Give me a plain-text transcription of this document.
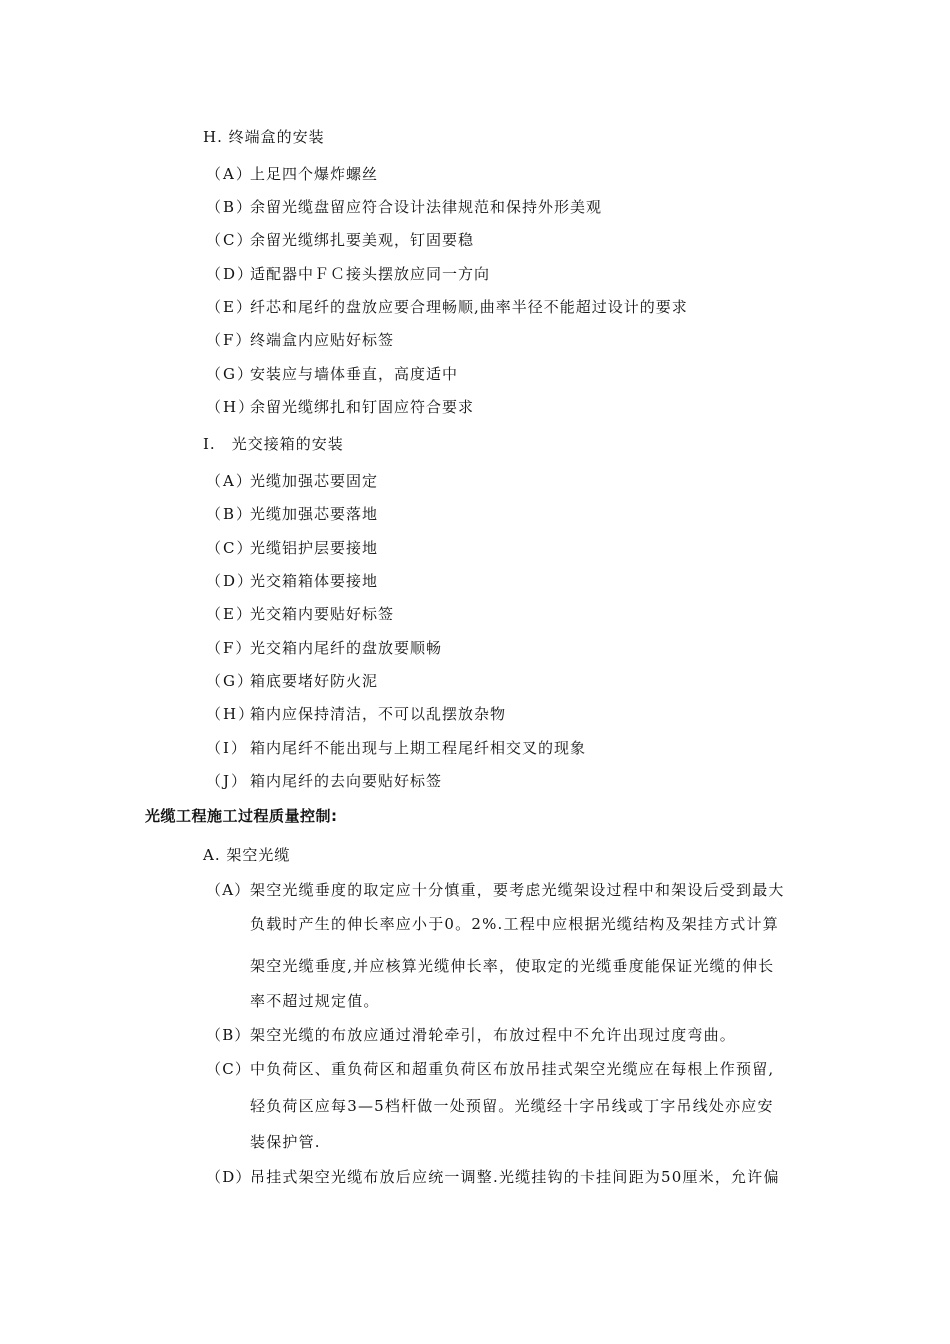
H. 终端盒的安装
（A）上足四个爆炸螺丝
（B）余留光缆盘留应符合设计法律规范和保持外形美观
（C）余留光缆绑扎要美观，钉固要稳
（D）适配器中ＦＣ接头摆放应同一方向
（E）纤芯和尾纤的盘放应要合理畅顺,曲率半径不能超过设计的要求
（F）终端盒内应贴好标签
（G）安装应与墙体垂直，高度适中
（H）余留光缆绑扎和钉固应符合要求
I.　光交接箱的安装
（A）光缆加强芯要固定
（B）光缆加强芯要落地
（C）光缆铝护层要接地
（D）光交箱箱体要接地
（E）光交箱内要贴好标签
（F）光交箱内尾纤的盘放要顺畅
（G）箱底要堵好防火泥
（H）箱内应保持清洁，不可以乱摆放杂物
（I） 箱内尾纤不能出现与上期工程尾纤相交叉的现象
（J） 箱内尾纤的去向要贴好标签
光缆工程施工过程质量控制:
A. 架空光缆
（A） 架空光缆垂度的取定应十分慎重，要考虑光缆架设过程中和架设后受到最大
负载时产生的伸长率应小于0。2%.工程中应根据光缆结构及架挂方式计算
架空光缆垂度,并应核算光缆伸长率，使取定的光缆垂度能保证光缆的伸长
率不超过规定值。
（B） 架空光缆的布放应通过滑轮牵引，布放过程中不允许出现过度弯曲。
（C）
中负荷区、重负荷区和超重负荷区布放吊挂式架空光缆应在每根上作预留,
轻负荷区应每3—5档杆做一处预留。光缆经十字吊线或丁字吊线处亦应安
装保护管.
（D）
吊挂式架空光缆布放后应统一调整.光缆挂钩的卡挂间距为50厘米，允许偏
